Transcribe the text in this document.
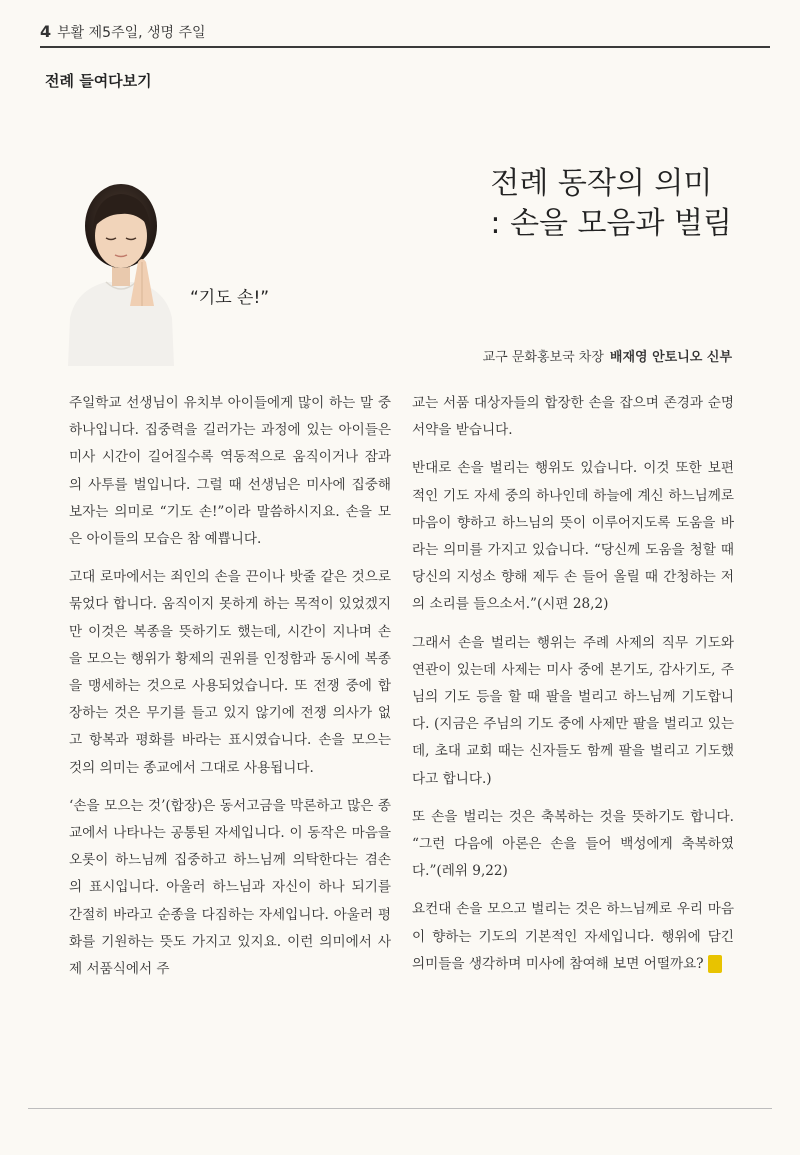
4 부활 제5주일, 생명 주일
전례 들여다보기
전례 동작의 의미
: 손을 모음과 벌림
“기도 손!”
교구 문화홍보국 차장 배재영 안토니오 신부

주일학교 선생님이 유치부 아이들에게 많이 하는 말 중 하나입니다. 집중력을 길러가는 과정에 있는 아이들은 미사 시간이 길어질수록 역동적으로 움직이거나 잠과의 사투를 벌입니다. 그럴 때 선생님은 미사에 집중해 보자는 의미로 “기도 손!”이라 말씀하시지요. 손을 모은 아이들의 모습은 참 예쁩니다.

고대 로마에서는 죄인의 손을 끈이나 밧줄 같은 것으로 묶었다 합니다. 움직이지 못하게 하는 목적이 있었겠지만 이것은 복종을 뜻하기도 했는데, 시간이 지나며 손을 모으는 행위가 황제의 권위를 인정함과 동시에 복종을 맹세하는 것으로 사용되었습니다. 또 전쟁 중에 합장하는 것은 무기를 들고 있지 않기에 전쟁 의사가 없고 항복과 평화를 바라는 표시였습니다. 손을 모으는 것의 의미는 종교에서 그대로 사용됩니다.

‘손을 모으는 것’(합장)은 동서고금을 막론하고 많은 종교에서 나타나는 공통된 자세입니다. 이 동작은 마음을 오롯이 하느님께 집중하고 하느님께 의탁한다는 겸손의 표시입니다. 아울러 하느님과 자신이 하나 되기를 간절히 바라고 순종을 다짐하는 자세입니다. 아울러 평화를 기원하는 뜻도 가지고 있지요. 이런 의미에서 사제 서품식에서 주

교는 서품 대상자들의 합장한 손을 잡으며 존경과 순명 서약을 받습니다.

반대로 손을 벌리는 행위도 있습니다. 이것 또한 보편적인 기도 자세 중의 하나인데 하늘에 계신 하느님께로 마음이 향하고 하느님의 뜻이 이루어지도록 도움을 바라는 의미를 가지고 있습니다. “당신께 도움을 청할 때 당신의 지성소 향해 제두 손 들어 올릴 때 간청하는 저의 소리를 들으소서.”(시편 28,2)

그래서 손을 벌리는 행위는 주례 사제의 직무 기도와 연관이 있는데 사제는 미사 중에 본기도, 감사기도, 주님의 기도 등을 할 때 팔을 벌리고 하느님께 기도합니다. (지금은 주님의 기도 중에 사제만 팔을 벌리고 있는데, 초대 교회 때는 신자들도 함께 팔을 벌리고 기도했다고 합니다.)

또 손을 벌리는 것은 축복하는 것을 뜻하기도 합니다. “그런 다음에 아론은 손을 들어 백성에게 축복하였다.”(레위 9,22)

요컨대 손을 모으고 벌리는 것은 하느님께로 우리 마음이 향하는 기도의 기본적인 자세입니다. 행위에 담긴 의미들을 생각하며 미사에 참여해 보면 어떨까요?
